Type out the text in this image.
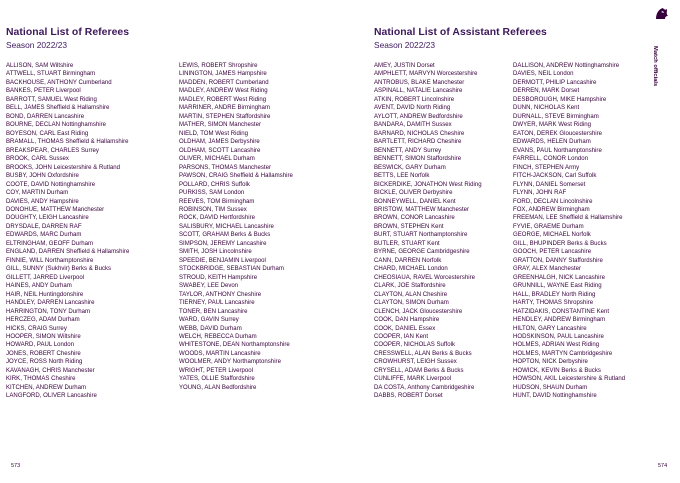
National List of Referees
Season 2022/23
ALLISON, SAM Wiltshire
ATTWELL, STUART Birmingham
BACKHOUSE, ANTHONY Cumberland
BANKES, PETER Liverpool
BARROTT, SAMUEL West Riding
BELL, JAMES Sheffield & Hallamshire
BOND, DARREN Lancashire
BOURNE, DECLAN Nottinghamshire
BOYESON, CARL East Riding
BRAMALL, THOMAS Sheffield & Hallamshire
BREAKSPEAR, CHARLES Surrey
BROOK, CARL Sussex
BROOKS, JOHN Leicestershire & Rutland
BUSBY, JOHN Oxfordshire
COOTE, DAVID Nottinghamshire
COY, MARTIN Durham
DAVIES, ANDY Hampshire
DONOHUE, MATTHEW Manchester
DOUGHTY, LEIGH Lancashire
DRYSDALE, DARREN RAF
EDWARDS, MARC Durham
ELTRINGHAM, GEOFF Durham
ENGLAND, DARREN Sheffield & Hallamshire
FINNIE, WILL Northamptonshire
GILL, SUNNY (Sukhvir) Berks & Bucks
GILLETT, JARRED Liverpool
HAINES, ANDY Durham
HAIR, NEIL Huntingdonshire
HANDLEY, DARREN Lancashire
HARRINGTON, TONY Durham
HERCZEG, ADAM Durham
HICKS, CRAIG Surrey
HOOPER, SIMON Wiltshire
HOWARD, PAUL London
JONES, ROBERT Cheshire
JOYCE, ROSS North Riding
KAVANAGH, CHRIS Manchester
KIRK, THOMAS Cheshire
KITCHEN, ANDREW Durham
LANGFORD, OLIVER Lancashire
LEWIS, ROBERT Shropshire
LININGTON, JAMES Hampshire
MADDEN, ROBERT Cumberland
MADLEY, ANDREW West Riding
MADLEY, ROBERT West Riding
MARRINER, ANDRE Birmingham
MARTIN, STEPHEN Staffordshire
MATHER, SIMON Manchester
NIELD, TOM West Riding
OLDHAM, JAMES Derbyshire
OLDHAM, SCOTT Lancashire
OLIVER, MICHAEL Durham
PARSONS, THOMAS Manchester
PAWSON, CRAIG Sheffield & Hallamshire
POLLARD, CHRIS Suffolk
PURKISS, SAM London
REEVES, TOM Birmingham
ROBINSON, TIM Sussex
ROCK, DAVID Hertfordshire
SALISBURY, MICHAEL Lancashire
SCOTT, GRAHAM Berks & Bucks
SIMPSON, JEREMY Lancashire
SMITH, JOSH Lincolnshire
SPEEDIE, BENJAMIN Liverpool
STOCKBRIDGE, SEBASTIAN Durham
STROUD, KEITH Hampshire
SWABEY, LEE Devon
TAYLOR, ANTHONY Cheshire
TIERNEY, PAUL Lancashire
TONER, BEN Lancashire
WARD, GAVIN Surrey
WEBB, DAVID Durham
WELCH, REBECCA Durham
WHITESTONE, DEAN Northamptonshire
WOODS, MARTIN Lancashire
WOOLMER, ANDY Northamptonshire
WRIGHT, PETER Liverpool
YATES, OLLIE Staffordshire
YOUNG, ALAN Bedfordshire
573
National List of Assistant Referees
Season 2022/23
AMEY, JUSTIN Dorset
AMPHLETT, MARVYN Worcestershire
ANTROBUS, BLAKE Manchester
ASPINALL, NATALIE Lancashire
ATKIN, ROBERT Lincolnshire
AVENT, DAVID North Riding
AYLOTT, ANDREW Bedfordshire
BANDARA, DAMITH Sussex
BARNARD, NICHOLAS Cheshire
BARTLETT, RICHARD Cheshire
BENNETT, ANDY Surrey
BENNETT, SIMON Staffordshire
BESWICK, GARY Durham
BETTS, LEE Norfolk
BICKERDIKE, JONATHON West Riding
BICKLE, OLIVER Derbyshire
BONNEYWELL, DANIEL Kent
BRISTOW, MATTHEW Manchester
BROWN, CONOR Lancashire
BROWN, STEPHEN Kent
BURT, STUART Northamptonshire
BUTLER, STUART Kent
BYRNE, GEORGE Cambridgeshire
CANN, DARREN Norfolk
CHARD, MICHAEL London
CHEOSIAUA, RAVEL Worcestershire
CLARK, JOE Staffordshire
CLAYTON, ALAN Cheshire
CLAYTON, SIMON Durham
CLENCH, JACK Gloucestershire
COOK, DAN Hampshire
COOK, DANIEL Essex
COOPER, IAN Kent
COOPER, NICHOLAS Suffolk
CRESSWELL, ALAN Berks & Bucks
CROWHURST, LEIGH Sussex
CRYSELL, ADAM Berks & Bucks
CUNLIFFE, MARK Liverpool
DA COSTA, Anthony Cambridgeshire
DABBS, ROBERT Dorset
DALLISON, ANDREW Nottinghamshire
DAVIES, NEIL London
DERMOTT, PHILIP Lancashire
DERREN, MARK Dorset
DESBOROUGH, MIKE Hampshire
DUNN, NICHOLAS Kent
DURNALL, STEVE Birmingham
DWYER, MARK West Riding
EATON, DEREK Gloucestershire
EDWARDS, HELEN Durham
EVANS, PAUL Northamptonshire
FARRELL, CONOR London
FINCH, STEPHEN Army
FITCH-JACKSON, Carl Suffolk
FLYNN, DANIEL Somerset
FLYNN, JOHN RAF
FORD, DECLAN Lincolnshire
FOX, ANDREW Birmingham
FREEMAN, LEE Sheffield & Hallamshire
FYVIE, GRAEME Durham
GEORGE, MICHAEL Norfolk
GILL, BHUPINDER Berks & Bucks
GOOCH, PETER Lancashire
GRATTON, DANNY Staffordshire
GRAY, ALEX Manchester
GREENHALGH, NICK Lancashire
GRUNNILL, WAYNE East Riding
HALL, BRADLEY North Riding
HARTY, THOMAS Shropshire
HATZIDAKIS, CONSTANTINE Kent
HENDLEY, ANDREW Birmingham
HILTON, GARY Lancashire
HODSKINSON, PAUL Lancashire
HOLMES, ADRIAN West Riding
HOLMES, MARTYN Cambridgeshire
HOPTON, NICK Derbyshire
HOWICK, KEVIN Berks & Bucks
HOWSON, AKIL Leicestershire & Rutland
HUDSON, SHAUN Durham
HUNT, DAVID Nottinghamshire
574
Match officials
